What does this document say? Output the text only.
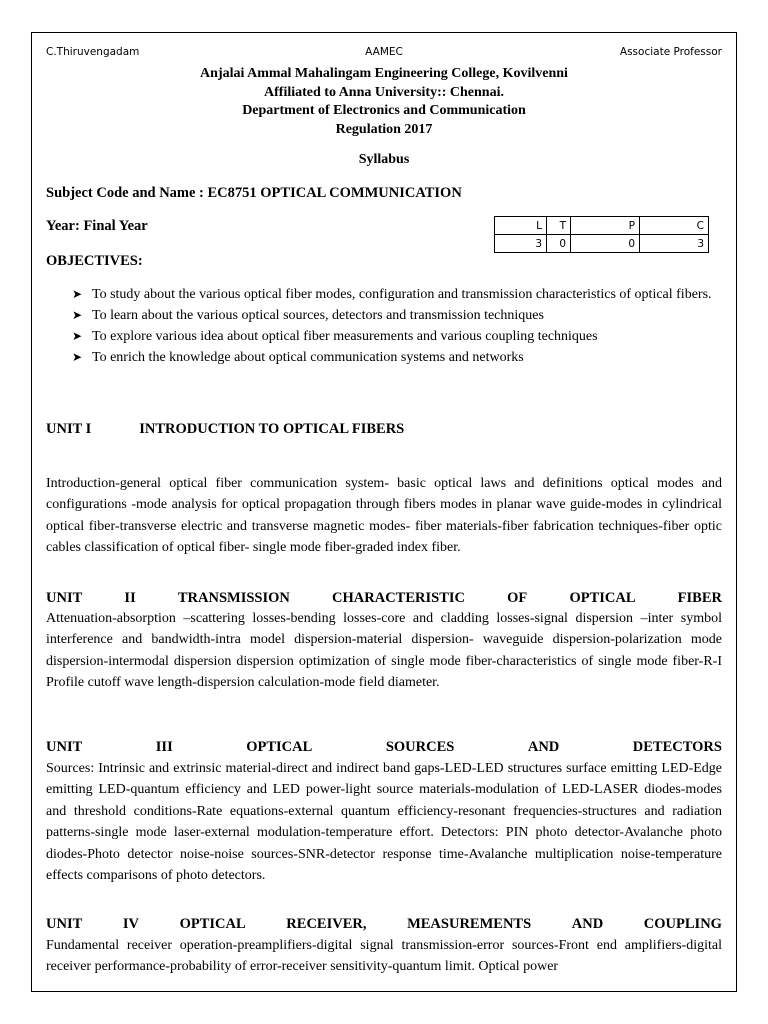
C.Thiruvengadam	AAMEC	Associate Professor
Anjalai Ammal Mahalingam Engineering College, Kovilvenni
Affiliated to Anna University:: Chennai.
Department of Electronics and Communication
Regulation 2017
Syllabus
Subject Code and Name : EC8751 OPTICAL COMMUNICATION
Year: Final Year	L	T	P	C
3	0	0	3
OBJECTIVES:
➤ To study about the various optical fiber modes, configuration and transmission characteristics of optical fibers.
➤ To learn about the various optical sources, detectors and transmission techniques
➤ To explore various idea about optical fiber measurements and various coupling techniques
➤ To enrich the knowledge about optical communication systems and networks
UNIT I	INTRODUCTION TO OPTICAL FIBERS
Introduction-general optical fiber communication system- basic optical laws and definitions optical modes and configurations -mode analysis for optical propagation through fibers modes in planar wave guide-modes in cylindrical optical fiber-transverse electric and transverse magnetic modes- fiber materials-fiber fabrication techniques-fiber optic cables classification of optical fiber- single mode fiber-graded index fiber.
UNIT	II	TRANSMISSION	CHARACTERISTIC	OF	OPTICAL	FIBER
Attenuation-absorption –scattering losses-bending losses-core and cladding losses-signal dispersion –inter symbol interference and bandwidth-intra model dispersion-material dispersion- waveguide dispersion-polarization mode dispersion-intermodal dispersion dispersion optimization of single mode fiber-characteristics of single mode fiber-R-I Profile cutoff wave length-dispersion calculation-mode field diameter.
UNIT	III	OPTICAL	SOURCES	AND	DETECTORS
Sources: Intrinsic and extrinsic material-direct and indirect band gaps-LED-LED structures surface emitting LED-Edge emitting LED-quantum efficiency and LED power-light source materials-modulation of LED-LASER diodes-modes and threshold conditions-Rate equations-external quantum efficiency-resonant frequencies-structures and radiation patterns-single mode laser-external modulation-temperature effort. Detectors: PIN photo detector-Avalanche photo diodes-Photo detector noise-noise sources-SNR-detector response time-Avalanche multiplication noise-temperature effects comparisons of photo detectors.
UNIT	IV	OPTICAL	RECEIVER,	MEASUREMENTS	AND	COUPLING
Fundamental receiver operation-preamplifiers-digital signal transmission-error sources-Front end amplifiers-digital receiver performance-probability of error-receiver sensitivity-quantum limit. Optical power
